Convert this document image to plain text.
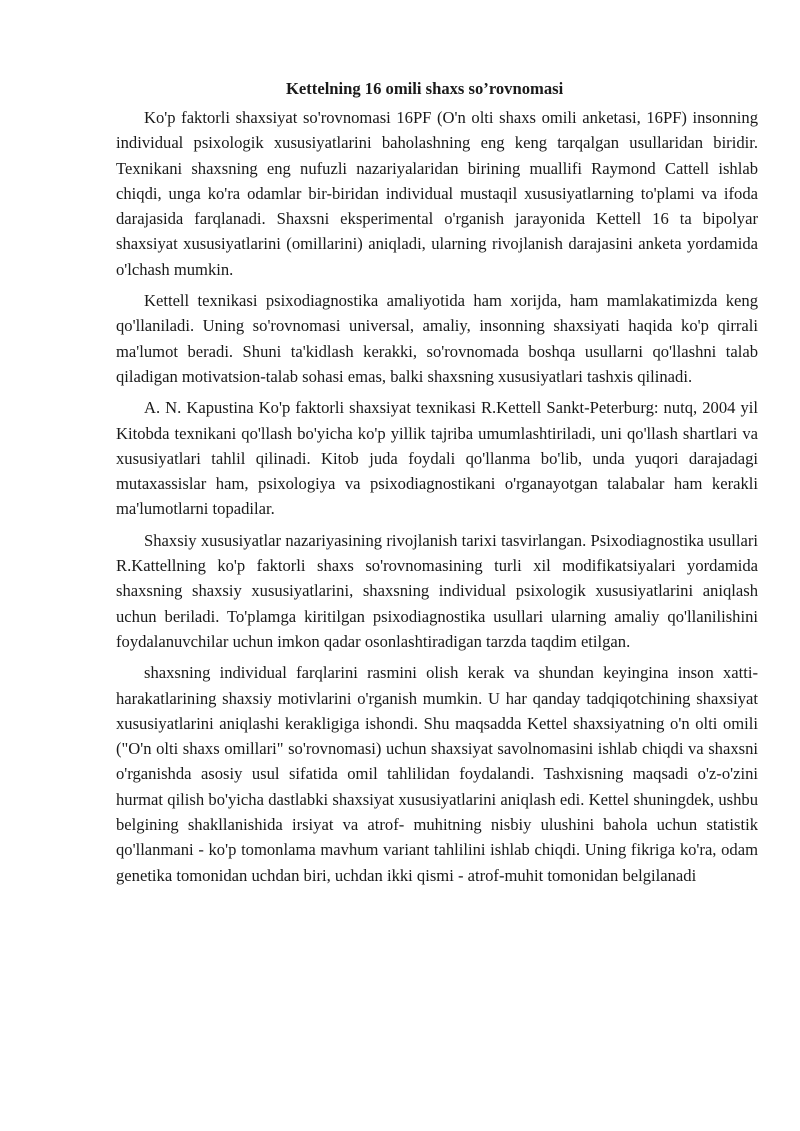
Kettelning 16 omili shaxs so’rovnomasi

Ko'p faktorli shaxsiyat so'rovnomasi 16PF (O'n olti shaxs omili anketasi, 16PF) insonning individual psixologik xususiyatlarini baholashning eng keng tarqalgan usullaridan biridir. Texnikani shaxsning eng nufuzli nazariyalaridan birining muallifi Raymond Cattell ishlab chiqdi, unga ko'ra odamlar bir-biridan individual mustaqil xususiyatlarning to'plami va ifoda darajasida farqlanadi. Shaxsni eksperimental o'rganish jarayonida Kettell 16 ta bipolyar shaxsiyat xususiyatlarini (omillarini) aniqladi, ularning rivojlanish darajasini anketa yordamida o'lchash mumkin.

Kettell texnikasi psixodiagnostika amaliyotida ham xorijda, ham mamlakatimizda keng qo'llaniladi. Uning so'rovnomasi universal, amaliy, insonning shaxsiyati haqida ko'p qirrali ma'lumot beradi. Shuni ta'kidlash kerakki, so'rovnomada boshqa usullarni qo'llashni talab qiladigan motivatsion-talab sohasi emas, balki shaxsning xususiyatlari tashxis qilinadi.

A. N. Kapustina Ko'p faktorli shaxsiyat texnikasi R.Kettell Sankt-Peterburg: nutq, 2004 yil Kitobda texnikani qo'llash bo'yicha ko'p yillik tajriba umumlashtiriladi, uni qo'llash shartlari va xususiyatlari tahlil qilinadi. Kitob juda foydali qo'llanma bo'lib, unda yuqori darajadagi mutaxassislar ham, psixologiya va psixodiagnostikani o'rganayotgan talabalar ham kerakli ma'lumotlarni topadilar.

Shaxsiy xususiyatlar nazariyasining rivojlanish tarixi tasvirlangan. Psixodiagnostika usullari R.Kattellning ko'p faktorli shaxs so'rovnomasining turli xil modifikatsiyalari yordamida shaxsning shaxsiy xususiyatlarini, shaxsning individual psixologik xususiyatlarini aniqlash uchun beriladi. To'plamga kiritilgan psixodiagnostika usullari ularning amaliy qo'llanilishini foydalanuvchilar uchun imkon qadar osonlashtiradigan tarzda taqdim etilgan.

shaxsning individual farqlarini rasmini olish kerak va shundan keyingina inson xatti- harakatlarining shaxsiy motivlarini o'rganish mumkin. U har qanday tadqiqotchining shaxsiyat xususiyatlarini aniqlashi kerakligiga ishondi. Shu maqsadda Kettel shaxsiyatning o'n olti omili ("O'n olti shaxs omillari" so'rovnomasi) uchun shaxsiyat savolnomasini ishlab chiqdi va shaxsni o'rganishda asosiy usul sifatida omil tahlilidan foydalandi. Tashxisning maqsadi o'z-o'zini hurmat qilish bo'yicha dastlabki shaxsiyat xususiyatlarini aniqlash edi. Kettel shuningdek, ushbu belgining shakllanishida irsiyat va atrof- muhitning nisbiy ulushini bahola uchun statistik qo'llanmani - ko'p tomonlama mavhum variant tahlilini ishlab chiqdi. Uning fikriga ko'ra, odam genetika tomonidan uchdan biri, uchdan ikki qismi - atrof-muhit tomonidan belgilanadi
